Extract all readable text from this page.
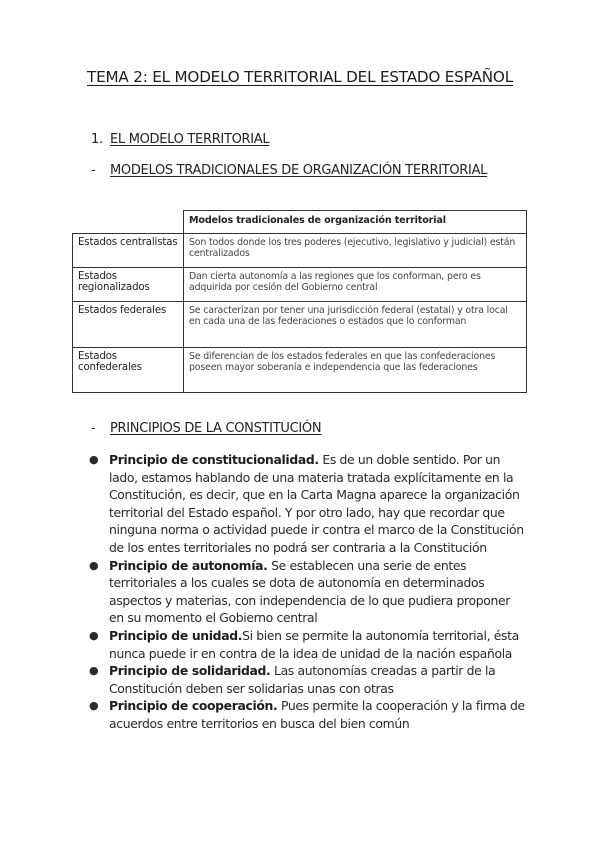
TEMA 2: EL MODELO TERRITORIAL DEL ESTADO ESPAÑOL
1. EL MODELO TERRITORIAL
- MODELOS TRADICIONALES DE ORGANIZACIÓN TERRITORIAL
	Modelos tradicionales de organización territorial
Estados centralistas	Son todos donde los tres poderes (ejecutivo, legislativo y judicial) están centralizados
Estados regionalizados	Dan cierta autonomía a las regiones que los conforman, pero es adquirida por cesión del Gobierno central
Estados federales	Se caracterizan por tener una jurisdicción federal (estatal) y otra local en cada una de las federaciones o estados que lo conforman
Estados confederales	Se diferencian de los estados federales en que las confederaciones poseen mayor soberanía e independencia que las federaciones
- PRINCIPIOS DE LA CONSTITUCIÓN
● Principio de constitucionalidad. Es de un doble sentido. Por un lado, estamos hablando de una materia tratada explícitamente en la Constitución, es decir, que en la Carta Magna aparece la organización territorial del Estado español. Y por otro lado, hay que recordar que ninguna norma o actividad puede ir contra el marco de la Constitución de los entes territoriales no podrá ser contraria a la Constitución
● Principio de autonomía. Se establecen una serie de entes territoriales a los cuales se dota de autonomía en determinados aspectos y materias, con independencia de lo que pudiera proponer en su momento el Gobierno central
● Principio de unidad.Si bien se permite la autonomía territorial, ésta nunca puede ir en contra de la idea de unidad de la nación española
● Principio de solidaridad. Las autonomías creadas a partir de la Constitución deben ser solidarias unas con otras
● Principio de cooperación. Pues permite la cooperación y la firma de acuerdos entre territorios en busca del bien común
